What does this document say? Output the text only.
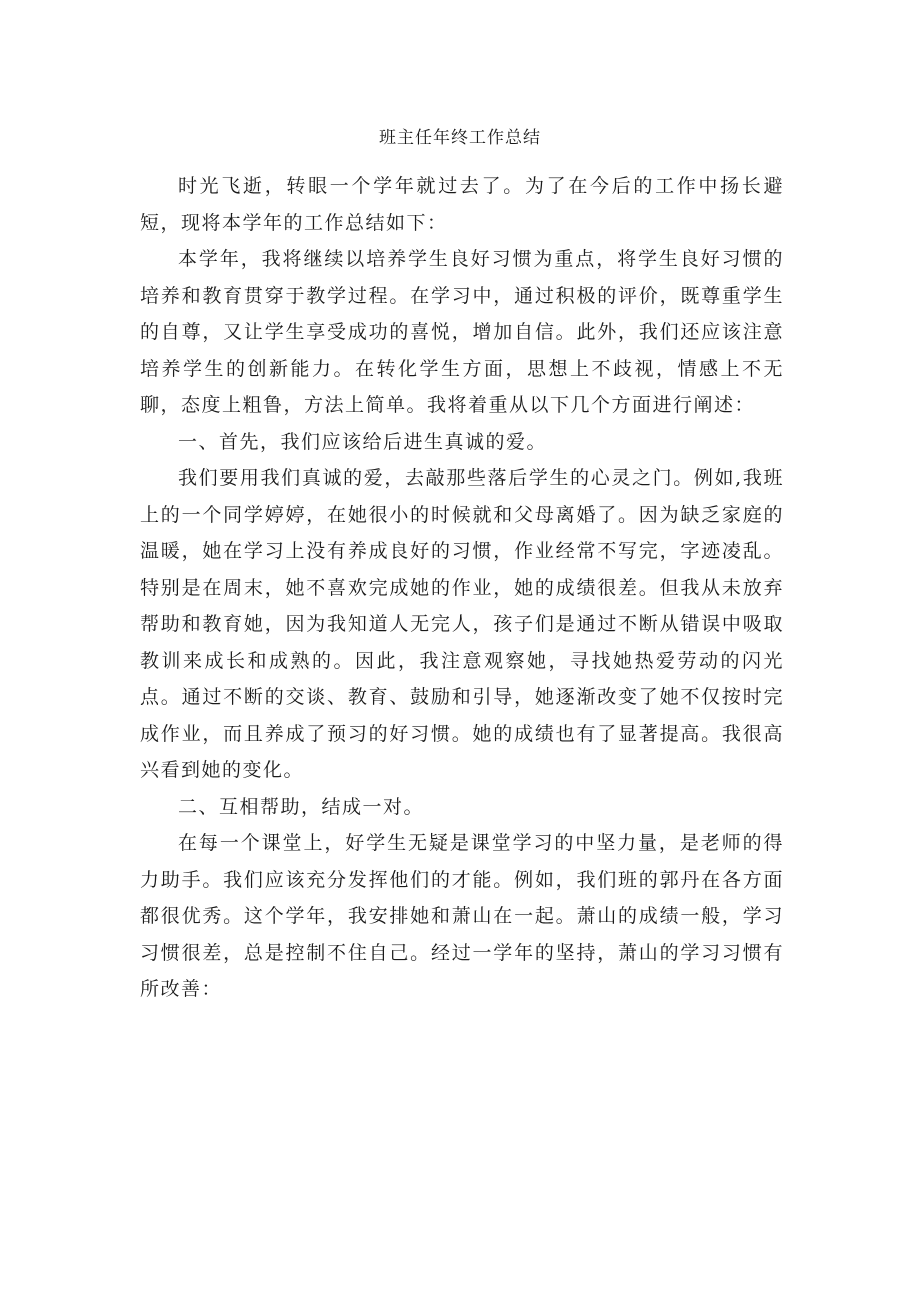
班主任年终工作总结

时光飞逝，转眼一个学年就过去了。为了在今后的工作中扬长避短，现将本学年的工作总结如下：

本学年，我将继续以培养学生良好习惯为重点，将学生良好习惯的培养和教育贯穿于教学过程。在学习中，通过积极的评价，既尊重学生的自尊，又让学生享受成功的喜悦，增加自信。此外，我们还应该注意培养学生的创新能力。在转化学生方面，思想上不歧视，情感上不无聊，态度上粗鲁，方法上简单。我将着重从以下几个方面进行阐述：

一、首先，我们应该给后进生真诚的爱。

我们要用我们真诚的爱，去敲那些落后学生的心灵之门。例如,我班上的一个同学婷婷，在她很小的时候就和父母离婚了。因为缺乏家庭的温暖，她在学习上没有养成良好的习惯，作业经常不写完，字迹凌乱。特别是在周末，她不喜欢完成她的作业，她的成绩很差。但我从未放弃帮助和教育她，因为我知道人无完人，孩子们是通过不断从错误中吸取教训来成长和成熟的。因此，我注意观察她，寻找她热爱劳动的闪光点。通过不断的交谈、教育、鼓励和引导，她逐渐改变了她不仅按时完成作业，而且养成了预习的好习惯。她的成绩也有了显著提高。我很高兴看到她的变化。

二、互相帮助，结成一对。

在每一个课堂上，好学生无疑是课堂学习的中坚力量，是老师的得力助手。我们应该充分发挥他们的才能。例如，我们班的郭丹在各方面都很优秀。这个学年，我安排她和萧山在一起。萧山的成绩一般，学习习惯很差，总是控制不住自己。经过一学年的坚持，萧山的学习习惯有所改善：
